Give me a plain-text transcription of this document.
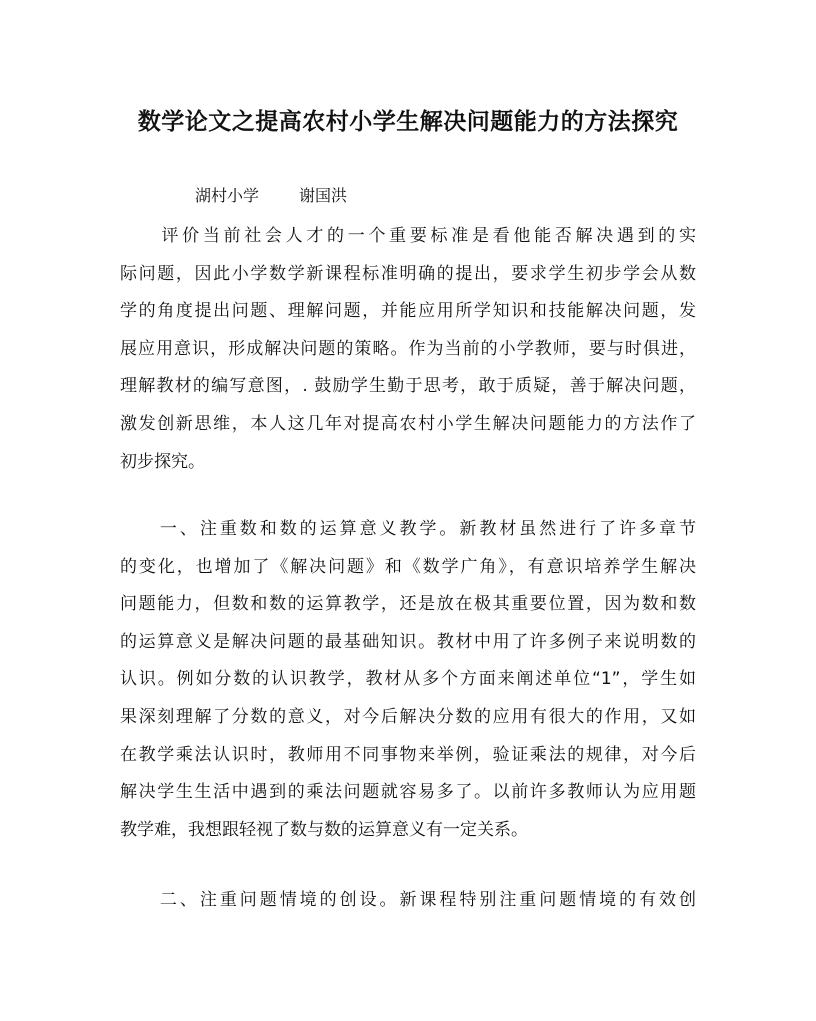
数学论文之提高农村小学生解决问题能力的方法探究
湖村小学	谢国洪
　　评价当前社会人才的一个重要标准是看他能否解决遇到的实
际问题，因此小学数学新课程标准明确的提出，要求学生初步学会从数
学的角度提出问题、理解问题，并能应用所学知识和技能解决问题，发
展应用意识，形成解决问题的策略。作为当前的小学教师，要与时俱进，
理解教材的编写意图，. 鼓励学生勤于思考，敢于质疑，善于解决问题，
激发创新思维，本人这几年对提高农村小学生解决问题能力的方法作了
初步探究。
　　一、注重数和数的运算意义教学。新教材虽然进行了许多章节
的变化，也增加了《解决问题》和《数学广角》，有意识培养学生解决
问题能力，但数和数的运算教学，还是放在极其重要位置，因为数和数
的运算意义是解决问题的最基础知识。教材中用了许多例子来说明数的
认识。例如分数的认识教学，教材从多个方面来阐述单位“1”，学生如
果深刻理解了分数的意义，对今后解决分数的应用有很大的作用，又如
在教学乘法认识时，教师用不同事物来举例，验证乘法的规律，对今后
解决学生生活中遇到的乘法问题就容易多了。以前许多教师认为应用题
教学难，我想跟轻视了数与数的运算意义有一定关系。
　　二、注重问题情境的创设。新课程特别注重问题情境的有效创
